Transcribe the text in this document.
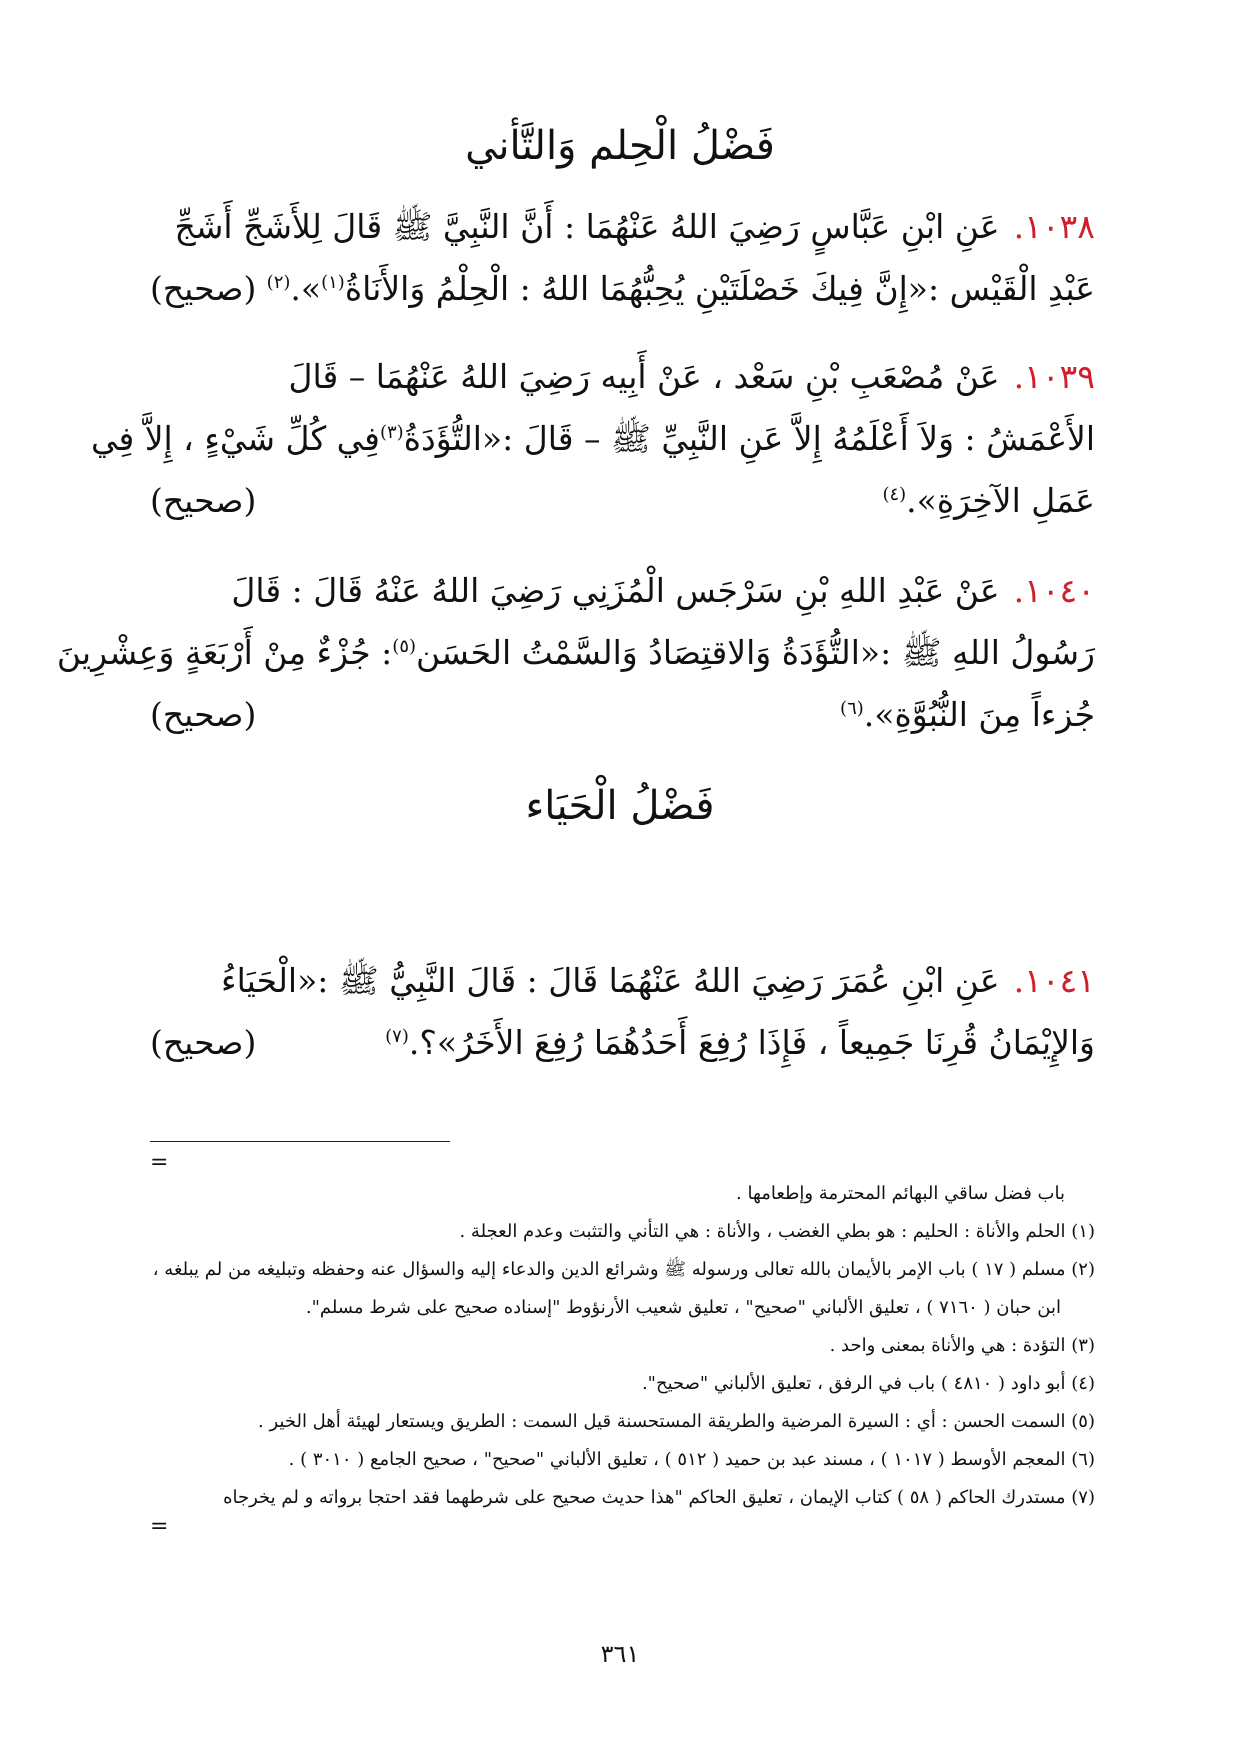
فَضْلُ الْحِلم وَالتَّأني
١٠٣٨.عَنِ ابْنِ عَبَّاسٍ رَضِيَ اللهُ عَنْهُمَا : أَنَّ النَّبِيَّ ﷺ قَالَ لِلأَشَجِّ أَشَجِّ
عَبْدِ الْقَيْس :«إِنَّ فِيكَ خَصْلَتَيْنِ يُحِبُّهُمَا اللهُ : الْحِلْمُ وَالأَنَاةُ$^{(١)}$».$^{(٢)}$
(صحيح)
١٠٣٩.عَنْ مُصْعَبِ بْنِ سَعْد ، عَنْ أَبِيه رَضِيَ اللهُ عَنْهُمَا – قَالَ
الأَعْمَشُ : وَلاَ أَعْلَمُهُ إِلاَّ عَنِ النَّبِيِّ ﷺ – قَالَ :«التُّؤَدَةُ$^{(٣)}$فِي كُلِّ شَيْءٍ ، إِلاَّ فِي
عَمَلِ الآخِرَةِ».$^{(٤)}$
(صحيح)
١٠٤٠.عَنْ عَبْدِ اللهِ بْنِ سَرْجَس الْمُزَنِي رَضِيَ اللهُ عَنْهُ قَالَ : قَالَ
رَسُولُ اللهِ ﷺ :«التُّؤَدَةُ وَالاقتِصَادُ وَالسَّمْتُ الحَسَن$^{(٥)}$: جُزْءٌ مِنْ أَرْبَعَةٍ وَعِشْرِينَ
جُزءاً مِنَ النُّبُوَّةِ».$^{(٦)}$
(صحيح)
فَضْلُ الْحَيَاء
١٠٤١.عَنِ ابْنِ عُمَرَ رَضِيَ اللهُ عَنْهُمَا قَالَ : قَالَ النَّبِيُّ ﷺ :«الْحَيَاءُ
وَالإِيْمَانُ قُرِنَا جَمِيعاً ، فَإِذَا رُفِعَ أَحَدُهُمَا رُفِعَ الأَخَرُ»؟.$^{(٧)}$
(صحيح)
=
باب فضل ساقي البهائم المحترمة وإطعامها .
(١) الحلم والأناة : الحليم : هو بطي الغضب ، والأناة : هي التأني والتثبت وعدم العجلة .
(٢) مسلم ( ١٧ ) باب الإمر بالأيمان بالله تعالى ورسوله ﷺ وشرائع الدين والدعاء إليه والسؤال عنه وحفظه وتبليغه من لم يبلغه ،
ابن حبان ( ٧١٦٠ ) ، تعليق الألباني "صحيح" ، تعليق شعيب الأرنؤوط "إسناده صحيح على شرط مسلم".
(٣) التؤدة : هي والأناة بمعنى واحد .
(٤) أبو داود ( ٤٨١٠ ) باب في الرفق ، تعليق الألباني "صحيح".
(٥) السمت الحسن : أي : السيرة المرضية والطريقة المستحسنة قيل السمت : الطريق ويستعار لهيئة أهل الخير .
(٦) المعجم الأوسط ( ١٠١٧ ) ، مسند عبد بن حميد ( ٥١٢ ) ، تعليق الألباني "صحيح" ، صحيح الجامع ( ٣٠١٠ ) .
(٧) مستدرك الحاكم ( ٥٨ ) كتاب الإيمان ، تعليق الحاكم "هذا حديث صحيح على شرطهما فقد احتجا برواته و لم يخرجاه
=
٣٦١
